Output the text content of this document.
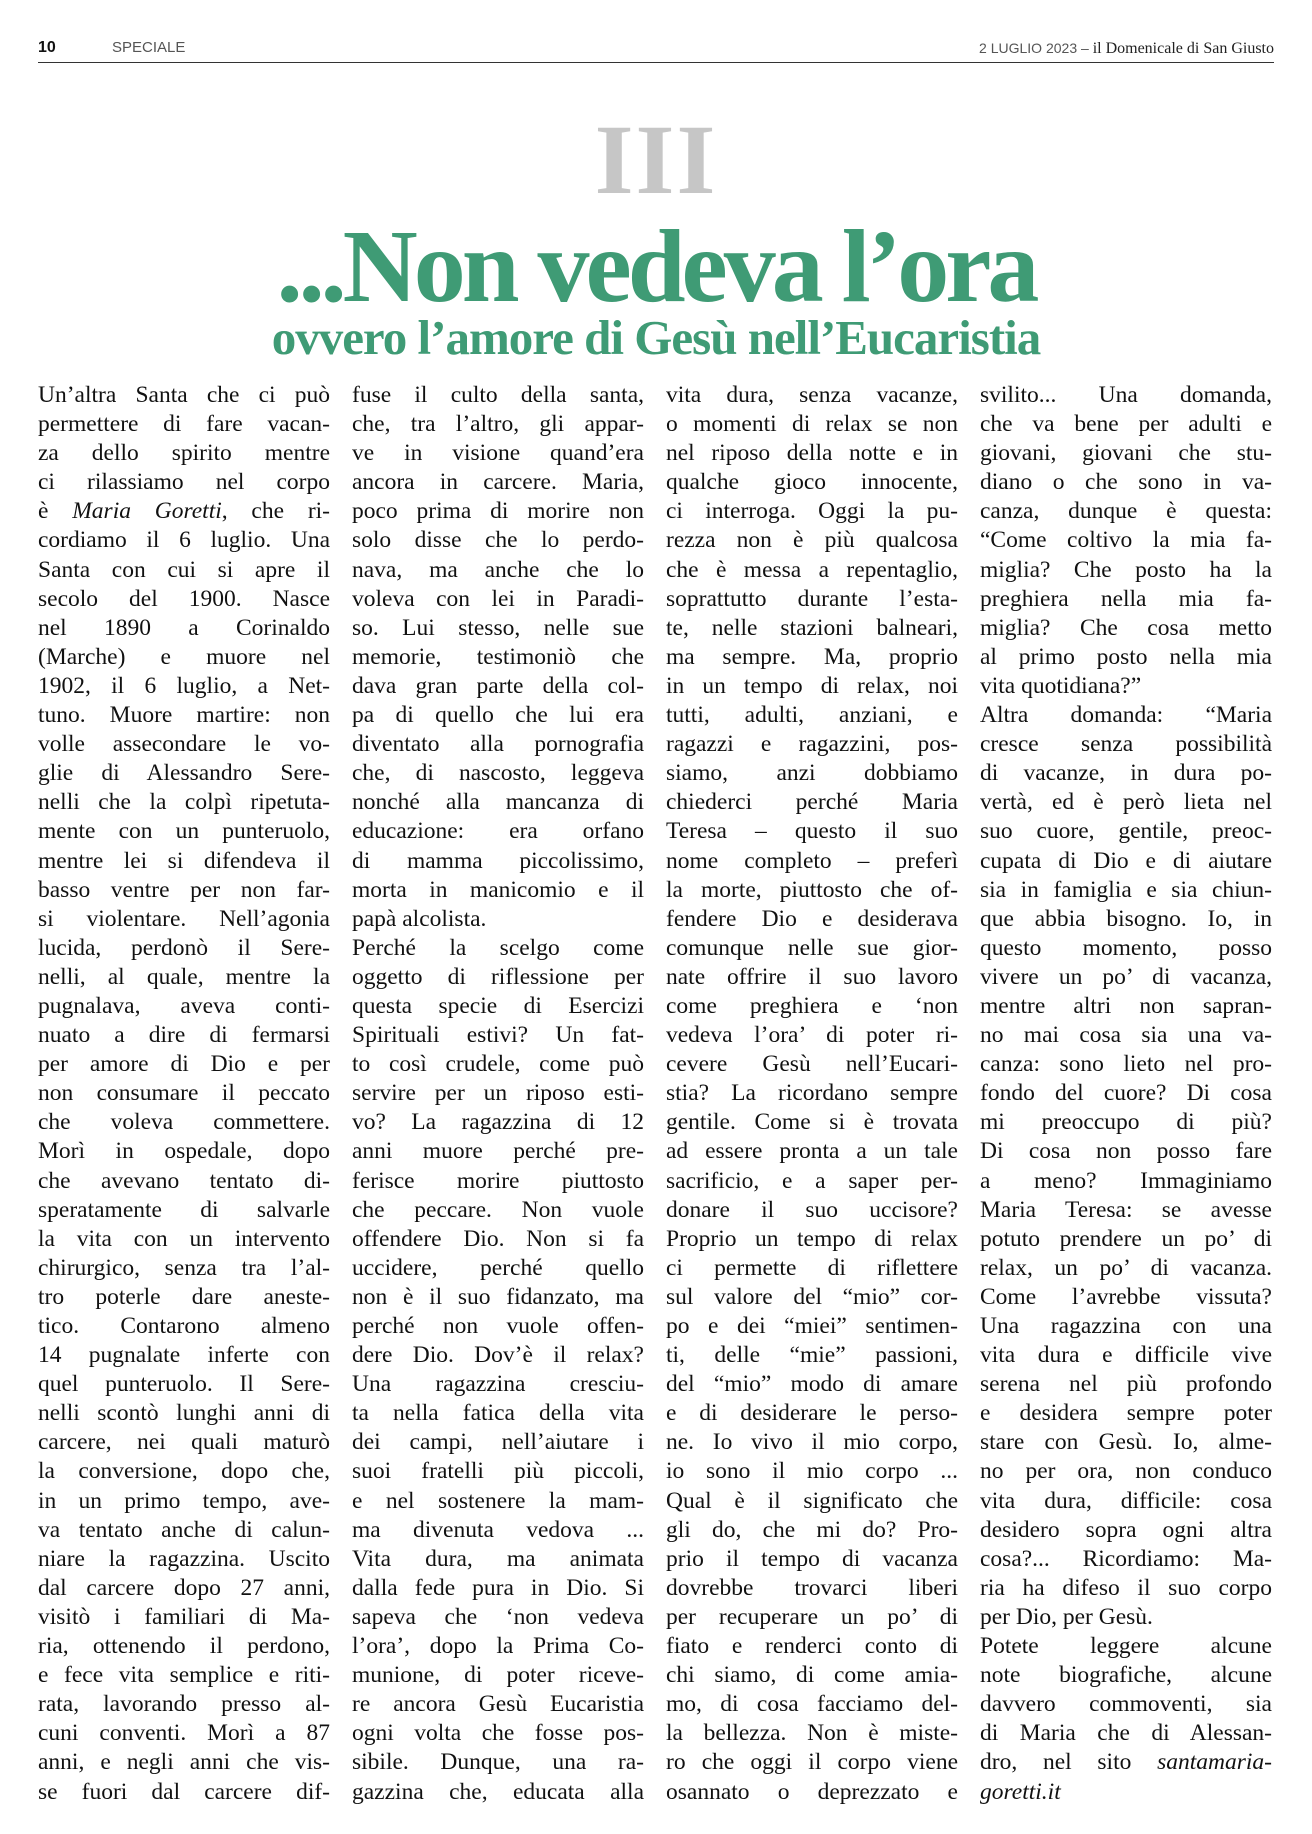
10	SPECIALE	2 LUGLIO 2023 – il Domenicale di San Giusto
III
...Non vedeva l’ora
ovvero l’amore di Gesù nell’Eucaristia
Un’altra Santa che ci può
permettere di fare vacan-
za dello spirito mentre
ci rilassiamo nel corpo
è Maria Goretti, che ri-
cordiamo il 6 luglio. Una
Santa con cui si apre il
secolo del 1900. Nasce
nel 1890 a Corinaldo
(Marche) e muore nel
1902, il 6 luglio, a Net-
tuno. Muore martire: non
volle assecondare le vo-
glie di Alessandro Sere-
nelli che la colpì ripetuta-
mente con un punteruolo,
mentre lei si difendeva il
basso ventre per non far-
si violentare. Nell’agonia
lucida, perdonò il Sere-
nelli, al quale, mentre la
pugnalava, aveva conti-
nuato a dire di fermarsi
per amore di Dio e per
non consumare il peccato
che voleva commettere.
Morì in ospedale, dopo
che avevano tentato di-
speratamente di salvarle
la vita con un intervento
chirurgico, senza tra l’al-
tro poterle dare aneste-
tico. Contarono almeno
14 pugnalate inferte con
quel punteruolo. Il Sere-
nelli scontò lunghi anni di
carcere, nei quali maturò
la conversione, dopo che,
in un primo tempo, ave-
va tentato anche di calun-
niare la ragazzina. Uscito
dal carcere dopo 27 anni,
visitò i familiari di Ma-
ria, ottenendo il perdono,
e fece vita semplice e riti-
rata, lavorando presso al-
cuni conventi. Morì a 87
anni, e negli anni che vis-
se fuori dal carcere dif-
fuse il culto della santa,
che, tra l’altro, gli appar-
ve in visione quand’era
ancora in carcere. Maria,
poco prima di morire non
solo disse che lo perdo-
nava, ma anche che lo
voleva con lei in Paradi-
so. Lui stesso, nelle sue
memorie, testimoniò che
dava gran parte della col-
pa di quello che lui era
diventato alla pornografia
che, di nascosto, leggeva
nonché alla mancanza di
educazione: era orfano
di mamma piccolissimo,
morta in manicomio e il
papà alcolista.
Perché la scelgo come
oggetto di riflessione per
questa specie di Esercizi
Spirituali estivi? Un fat-
to così crudele, come può
servire per un riposo esti-
vo? La ragazzina di 12
anni muore perché pre-
ferisce morire piuttosto
che peccare. Non vuole
offendere Dio. Non si fa
uccidere, perché quello
non è il suo fidanzato, ma
perché non vuole offen-
dere Dio. Dov’è il relax?
Una ragazzina cresciu-
ta nella fatica della vita
dei campi, nell’aiutare i
suoi fratelli più piccoli,
e nel sostenere la mam-
ma divenuta vedova ...
Vita dura, ma animata
dalla fede pura in Dio. Si
sapeva che ‘non vedeva
l’ora’, dopo la Prima Co-
munione, di poter riceve-
re ancora Gesù Eucaristia
ogni volta che fosse pos-
sibile. Dunque, una ra-
gazzina che, educata alla
vita dura, senza vacanze,
o momenti di relax se non
nel riposo della notte e in
qualche gioco innocente,
ci interroga. Oggi la pu-
rezza non è più qualcosa
che è messa a repentaglio,
soprattutto durante l’esta-
te, nelle stazioni balneari,
ma sempre. Ma, proprio
in un tempo di relax, noi
tutti, adulti, anziani, e
ragazzi e ragazzini, pos-
siamo, anzi dobbiamo
chiederci perché Maria
Teresa – questo il suo
nome completo – preferì
la morte, piuttosto che of-
fendere Dio e desiderava
comunque nelle sue gior-
nate offrire il suo lavoro
come preghiera e ‘non
vedeva l’ora’ di poter ri-
cevere Gesù nell’Eucari-
stia? La ricordano sempre
gentile. Come si è trovata
ad essere pronta a un tale
sacrificio, e a saper per-
donare il suo uccisore?
Proprio un tempo di relax
ci permette di riflettere
sul valore del “mio” cor-
po e dei “miei” sentimen-
ti, delle “mie” passioni,
del “mio” modo di amare
e di desiderare le perso-
ne. Io vivo il mio corpo,
io sono il mio corpo ...
Qual è il significato che
gli do, che mi do? Pro-
prio il tempo di vacanza
dovrebbe trovarci liberi
per recuperare un po’ di
fiato e renderci conto di
chi siamo, di come amia-
mo, di cosa facciamo del-
la bellezza. Non è miste-
ro che oggi il corpo viene
osannato o deprezzato e
svilito... Una domanda,
che va bene per adulti e
giovani, giovani che stu-
diano o che sono in va-
canza, dunque è questa:
“Come coltivo la mia fa-
miglia? Che posto ha la
preghiera nella mia fa-
miglia? Che cosa metto
al primo posto nella mia
vita quotidiana?”
Altra domanda: “Maria
cresce senza possibilità
di vacanze, in dura po-
vertà, ed è però lieta nel
suo cuore, gentile, preoc-
cupata di Dio e di aiutare
sia in famiglia e sia chiun-
que abbia bisogno. Io, in
questo momento, posso
vivere un po’ di vacanza,
mentre altri non sapran-
no mai cosa sia una va-
canza: sono lieto nel pro-
fondo del cuore? Di cosa
mi preoccupo di più?
Di cosa non posso fare
a meno? Immaginiamo
Maria Teresa: se avesse
potuto prendere un po’ di
relax, un po’ di vacanza.
Come l’avrebbe vissuta?
Una ragazzina con una
vita dura e difficile vive
serena nel più profondo
e desidera sempre poter
stare con Gesù. Io, alme-
no per ora, non conduco
vita dura, difficile: cosa
desidero sopra ogni altra
cosa?... Ricordiamo: Ma-
ria ha difeso il suo corpo
per Dio, per Gesù.
Potete leggere alcune
note biografiche, alcune
davvero commoventi, sia
di Maria che di Alessan-
dro, nel sito santamaria-
goretti.it
